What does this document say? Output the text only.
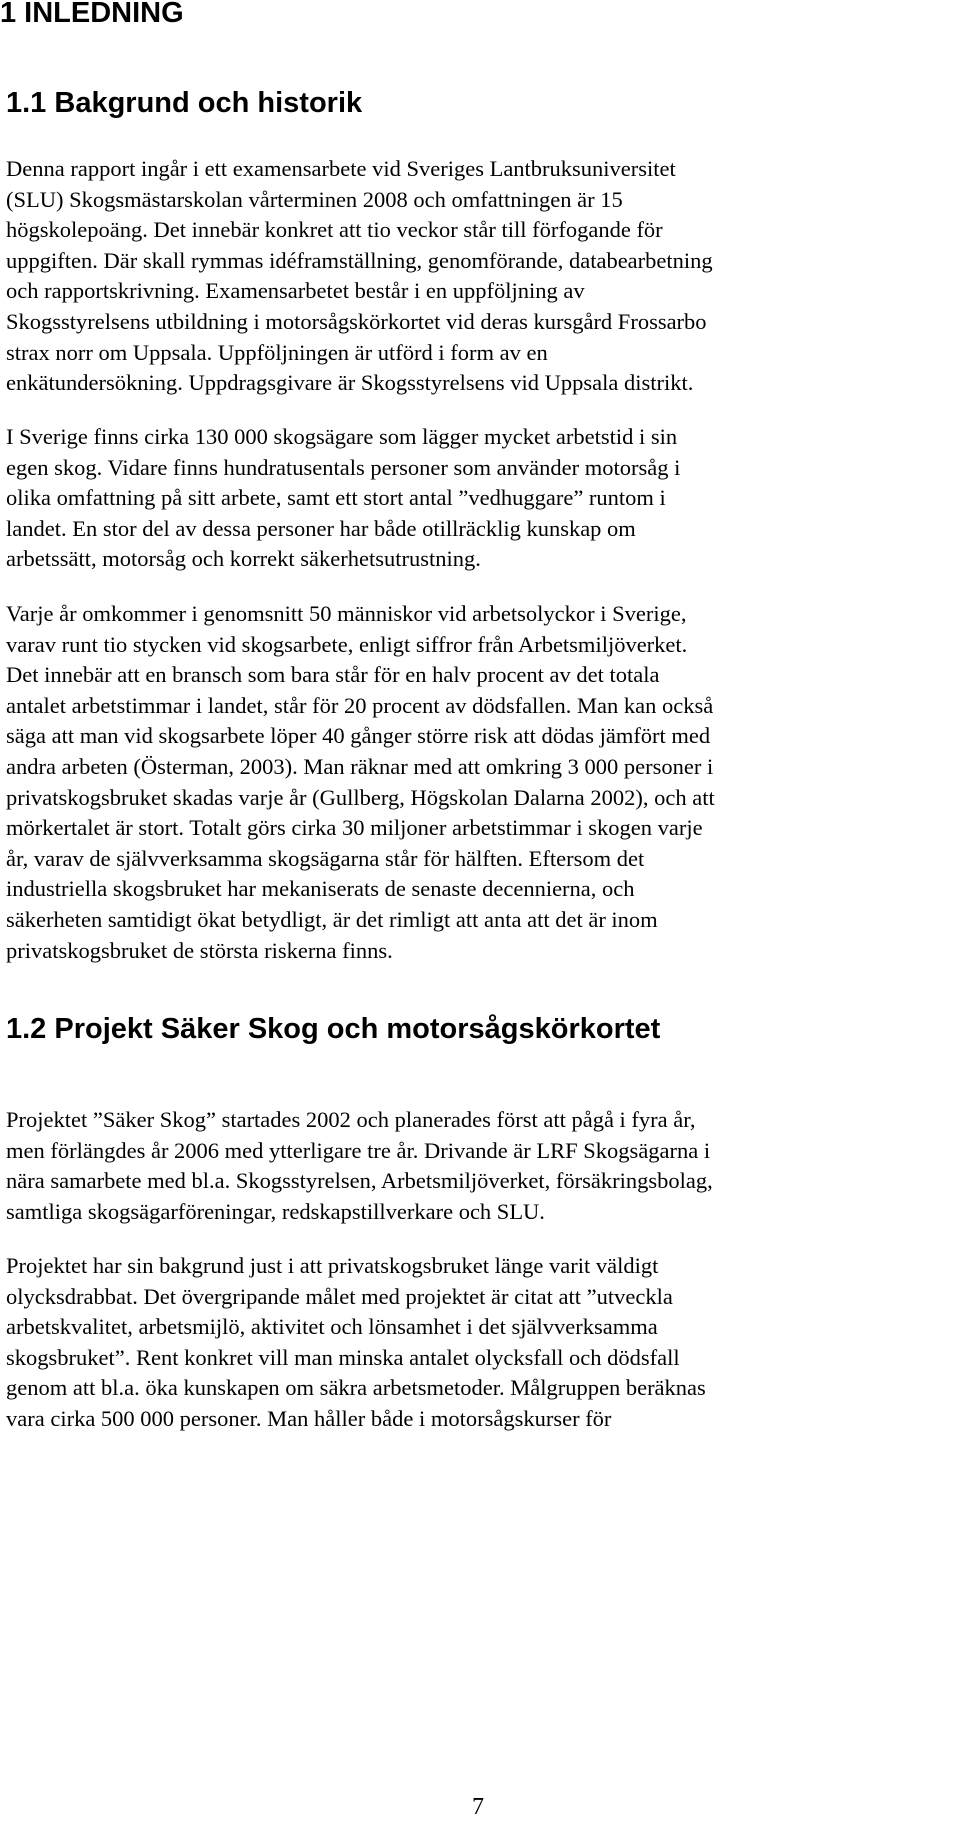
1 INLEDNING
1.1 Bakgrund och historik
Denna rapport ingår i ett examensarbete vid Sveriges Lantbruksuniversitet
(SLU) Skogsmästarskolan vårterminen 2008 och omfattningen är 15
högskolepoäng. Det innebär konkret att tio veckor står till förfogande för
uppgiften. Där skall rymmas idéframställning, genomförande, databearbetning
och rapportskrivning. Examensarbetet består i en uppföljning av
Skogsstyrelsens utbildning i motorsågskörkortet vid deras kursgård Frossarbo
strax norr om Uppsala. Uppföljningen är utförd i form av en
enkätundersökning. Uppdragsgivare är Skogsstyrelsens vid Uppsala distrikt.
I Sverige finns cirka 130 000 skogsägare som lägger mycket arbetstid i sin
egen skog. Vidare finns hundratusentals personer som använder motorsåg i
olika omfattning på sitt arbete, samt ett stort antal ”vedhuggare” runtom i
landet. En stor del av dessa personer har både otillräcklig kunskap om
arbetssätt, motorsåg och korrekt säkerhetsutrustning.
Varje år omkommer i genomsnitt 50 människor vid arbetsolyckor i Sverige,
varav runt tio stycken vid skogsarbete, enligt siffror från Arbetsmiljöverket.
Det innebär att en bransch som bara står för en halv procent av det totala
antalet arbetstimmar i landet, står för 20 procent av dödsfallen. Man kan också
säga att man vid skogsarbete löper 40 gånger större risk att dödas jämfört med
andra arbeten (Österman, 2003). Man räknar med att omkring 3 000 personer i
privatskogsbruket skadas varje år (Gullberg, Högskolan Dalarna 2002), och att
mörkertalet är stort. Totalt görs cirka 30 miljoner arbetstimmar i skogen varje
år, varav de självverksamma skogsägarna står för hälften. Eftersom det
industriella skogsbruket har mekaniserats de senaste decennierna, och
säkerheten samtidigt ökat betydligt, är det rimligt att anta att det är inom
privatskogsbruket de största riskerna finns.
1.2 Projekt Säker Skog och motorsågskörkortet
Projektet ”Säker Skog” startades 2002 och planerades först att pågå i fyra år,
men förlängdes år 2006 med ytterligare tre år. Drivande är LRF Skogsägarna i
nära samarbete med bl.a. Skogsstyrelsen, Arbetsmiljöverket, försäkringsbolag,
samtliga skogsägarföreningar, redskapstillverkare och SLU.
Projektet har sin bakgrund just i att privatskogsbruket länge varit väldigt
olycksdrabbat. Det övergripande målet med projektet är citat att ”utveckla
arbetskvalitet, arbetsmijlö, aktivitet och lönsamhet i det självverksamma
skogsbruket”. Rent konkret vill man minska antalet olycksfall och dödsfall
genom att bl.a. öka kunskapen om säkra arbetsmetoder. Målgruppen beräknas
vara cirka 500 000 personer. Man håller både i motorsågskurser för
7
